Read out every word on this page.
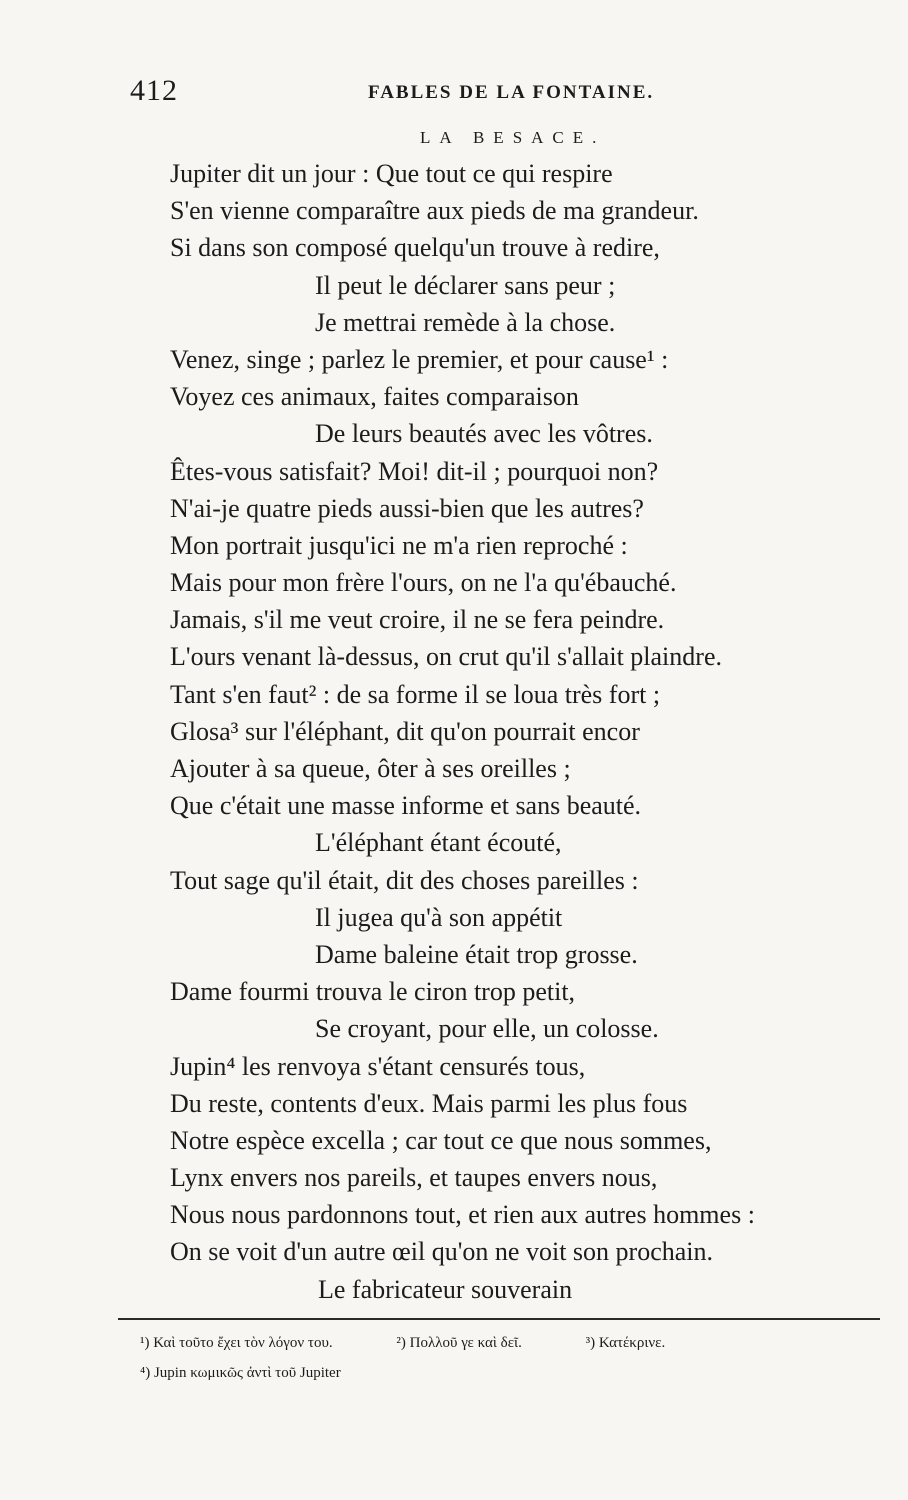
412	FABLES DE LA FONTAINE.
LA BESACE.
Jupiter dit un jour : Que tout ce qui respire
S'en vienne comparaître aux pieds de ma grandeur.
Si dans son composé quelqu'un trouve à redire,
Il peut le déclarer sans peur ;
Je mettrai remède à la chose.
Venez, singe ; parlez le premier, et pour cause¹ :
Voyez ces animaux, faites comparaison
De leurs beautés avec les vôtres.
Êtes-vous satisfait? Moi! dit-il ; pourquoi non?
N'ai-je quatre pieds aussi-bien que les autres?
Mon portrait jusqu'ici ne m'a rien reproché :
Mais pour mon frère l'ours, on ne l'a qu'ébauché.
Jamais, s'il me veut croire, il ne se fera peindre.
L'ours venant là-dessus, on crut qu'il s'allait plaindre.
Tant s'en faut² : de sa forme il se loua très fort ;
Glosa³ sur l'éléphant, dit qu'on pourrait encor
Ajouter à sa queue, ôter à ses oreilles ;
Que c'était une masse informe et sans beauté.
L'éléphant étant écouté,
Tout sage qu'il était, dit des choses pareilles :
Il jugea qu'à son appétit
Dame baleine était trop grosse.
Dame fourmi trouva le ciron trop petit,
Se croyant, pour elle, un colosse.
Jupin⁴ les renvoya s'étant censurés tous,
Du reste, contents d'eux. Mais parmi les plus fous
Notre espèce excella ; car tout ce que nous sommes,
Lynx envers nos pareils, et taupes envers nous,
Nous nous pardonnons tout, et rien aux autres hommes :
On se voit d'un autre œil qu'on ne voit son prochain.
Le fabricateur souverain
¹) Καὶ τοῦτο ἔχει τὸν λόγον του.	²) Πολλοῦ γε καὶ δεῖ.	³) Κατέκρινε.
⁴) Jupin κωμικῶς ἀντὶ τοῦ Jupiter
